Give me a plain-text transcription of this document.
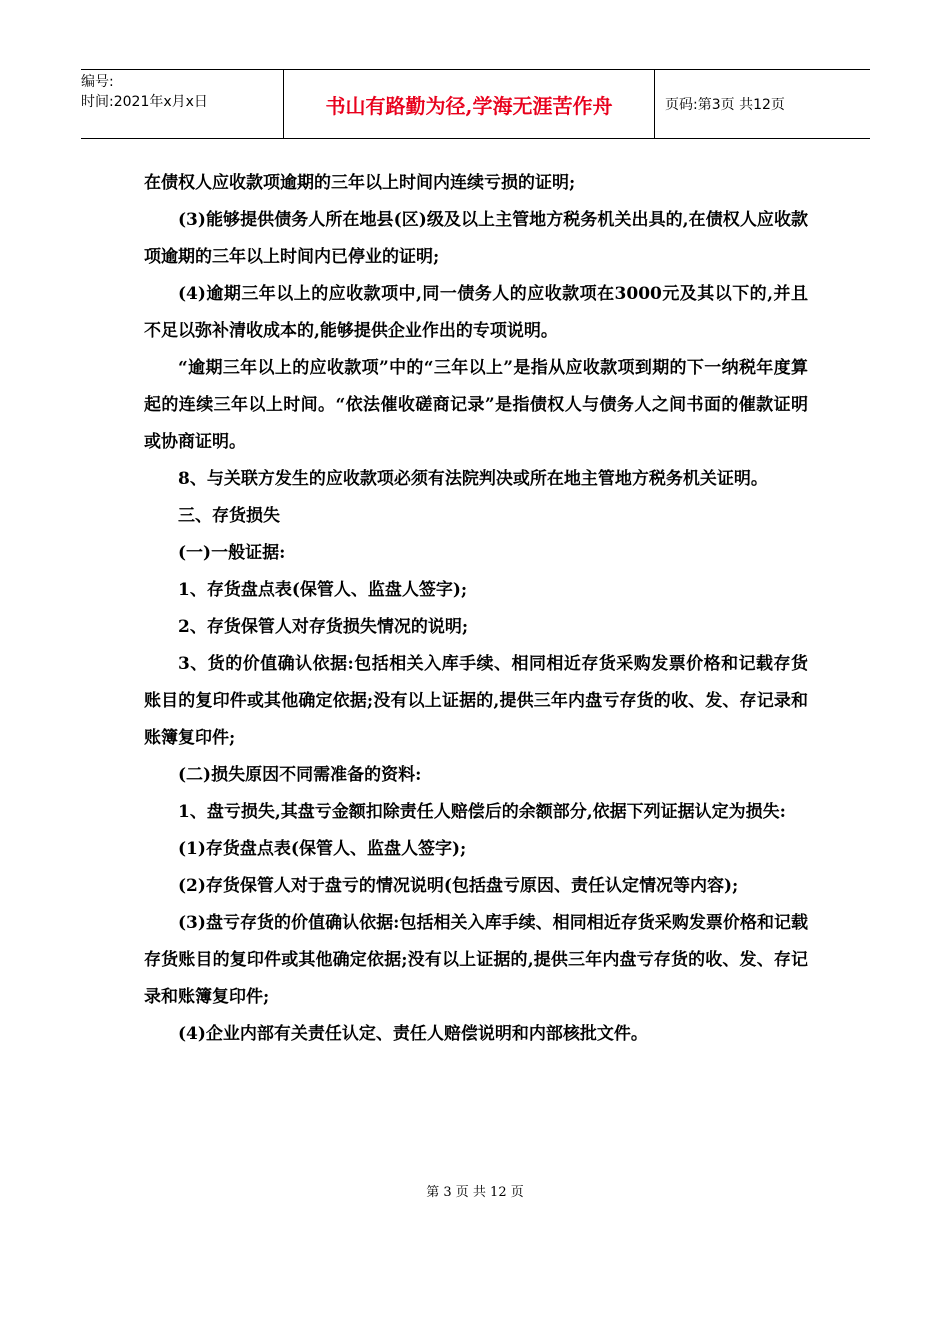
编号:
时间:2021年x月x日	书山有路勤为径,学海无涯苦作舟	页码:第3页 共12页

在债权人应收款项逾期的三年以上时间内连续亏损的证明;

(3)能够提供债务人所在地县(区)级及以上主管地方税务机关出具的,在债权人应收款项逾期的三年以上时间内已停业的证明;

(4)逾期三年以上的应收款项中,同一债务人的应收款项在3000元及其以下的,并且不足以弥补清收成本的,能够提供企业作出的专项说明。

“逾期三年以上的应收款项”中的“三年以上”是指从应收款项到期的下一纳税年度算起的连续三年以上时间。“依法催收磋商记录”是指债权人与债务人之间书面的催款证明或协商证明。

8、与关联方发生的应收款项必须有法院判决或所在地主管地方税务机关证明。

三、存货损失

(一)一般证据:

1、存货盘点表(保管人、监盘人签字);

2、存货保管人对存货损失情况的说明;

3、货的价值确认依据:包括相关入库手续、相同相近存货采购发票价格和记载存货账目的复印件或其他确定依据;没有以上证据的,提供三年内盘亏存货的收、发、存记录和账簿复印件;

(二)损失原因不同需准备的资料:

1、盘亏损失,其盘亏金额扣除责任人赔偿后的余额部分,依据下列证据认定为损失:

(1)存货盘点表(保管人、监盘人签字);

(2)存货保管人对于盘亏的情况说明(包括盘亏原因、责任认定情况等内容);

(3)盘亏存货的价值确认依据:包括相关入库手续、相同相近存货采购发票价格和记载存货账目的复印件或其他确定依据;没有以上证据的,提供三年内盘亏存货的收、发、存记录和账簿复印件;

(4)企业内部有关责任认定、责任人赔偿说明和内部核批文件。

第 3 页 共 12 页
